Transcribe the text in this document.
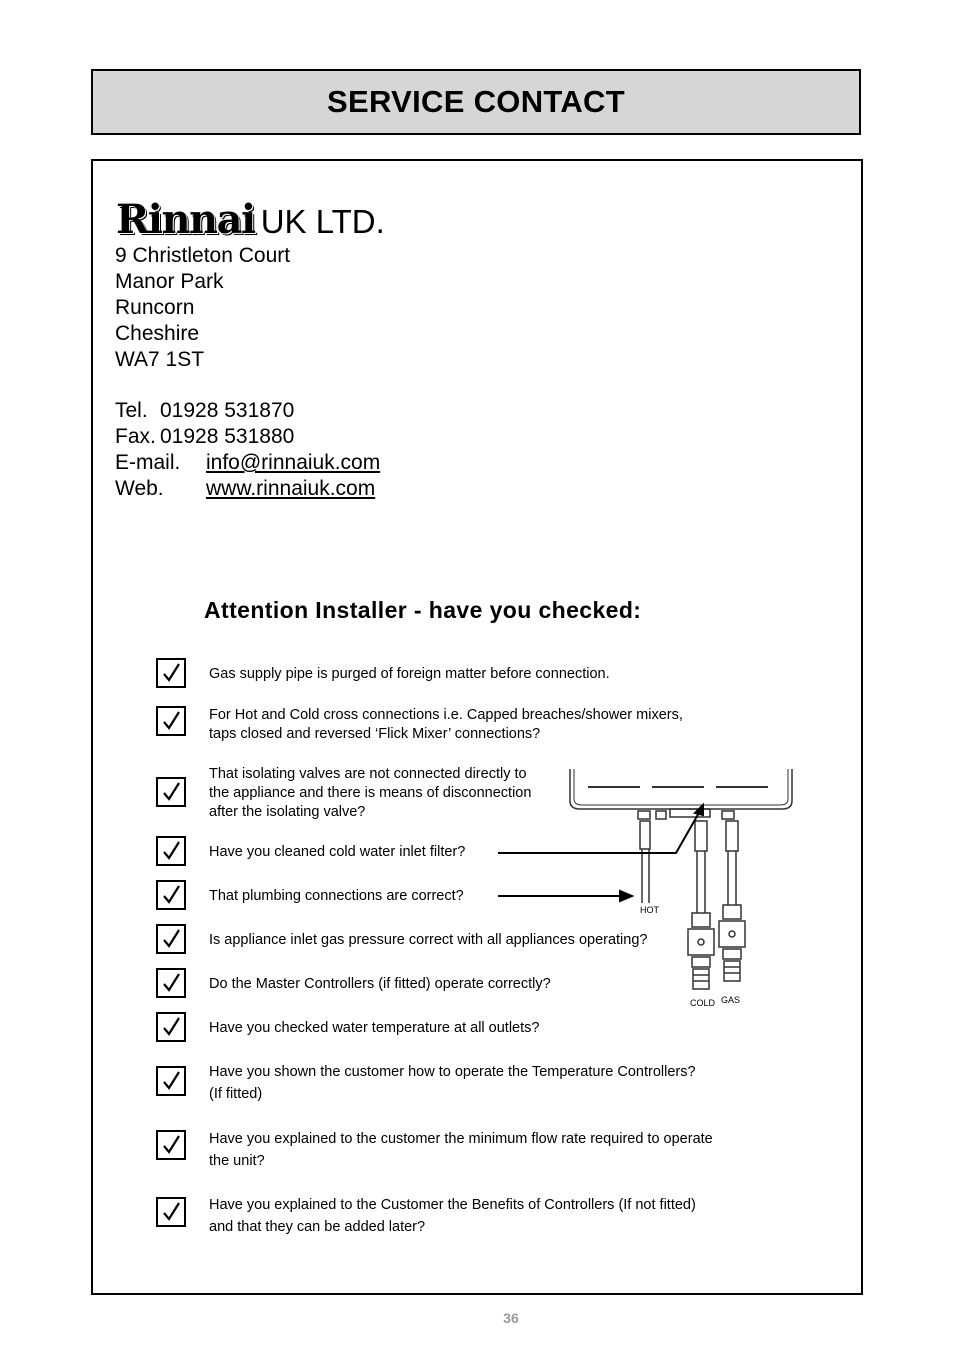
SERVICE CONTACT
Rinnai UK LTD.
9 Christleton Court
Manor Park
Runcorn
Cheshire
WA7 1ST
Tel. 01928 531870
Fax. 01928 531880
E-mail.	info@rinnaiuk.com
Web.	www.rinnaiuk.com
Attention Installer - have you checked:
Gas supply pipe is purged of foreign matter before connection.
For Hot and Cold cross connections i.e. Capped breaches/shower mixers,
taps closed and reversed ‘Flick Mixer’ connections?
That isolating valves are not connected directly to
the appliance and there is means of disconnection
after the isolating valve?
Have you cleaned cold water inlet filter?
That plumbing connections are correct?
Is appliance inlet gas pressure correct with all appliances operating?
Do the Master Controllers (if fitted) operate correctly?
Have you checked water temperature at all outlets?
Have you shown the customer how to operate the Temperature Controllers?
(If fitted)
Have you explained to the customer the minimum flow rate required to operate
the unit?
Have you explained to the Customer the Benefits of Controllers (If not fitted)
and that they can be added later?
HOT
COLD GAS
36
